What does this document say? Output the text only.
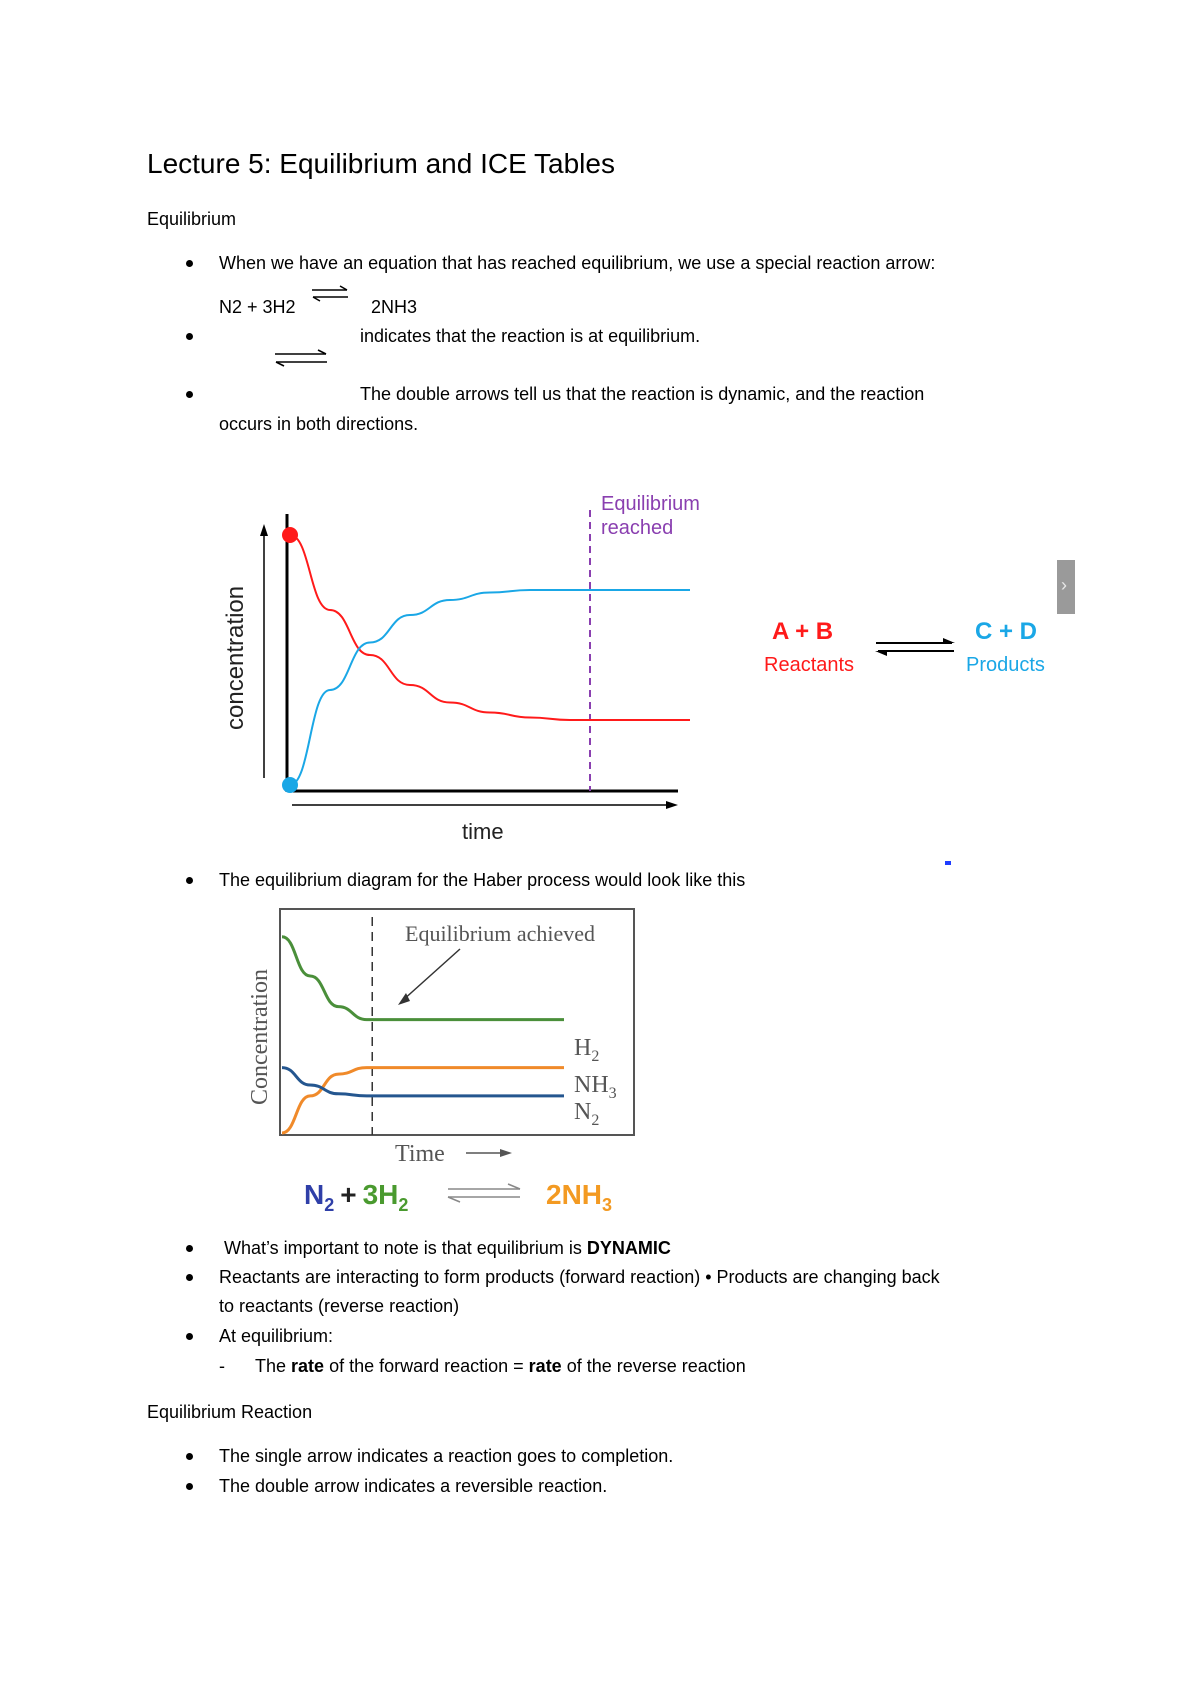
Lecture 5: Equilibrium and ICE Tables
Equilibrium
When we have an equation that has reached equilibrium, we use a special reaction arrow:
N2 + 3H2	2NH3
indicates that the reaction is at equilibrium.
The double arrows tell us that the reaction is dynamic, and the reaction
occurs in both directions.
time
concentration
Equilibrium
reached
A + B
Reactants
C + D
Products
›
The equilibrium diagram for the Haber process would look like this
Equilibrium achieved
Concentration
Time
$H_2$
$NH_3$
$N_2$
$N_2 + 3H_2$	$2NH_3$
What’s important to note is that equilibrium is DYNAMIC
Reactants are interacting to form products (forward reaction) • Products are changing back
to reactants (reverse reaction)
At equilibrium:
- The rate of the forward reaction = rate of the reverse reaction
Equilibrium Reaction
The single arrow indicates a reaction goes to completion.
The double arrow indicates a reversible reaction.
